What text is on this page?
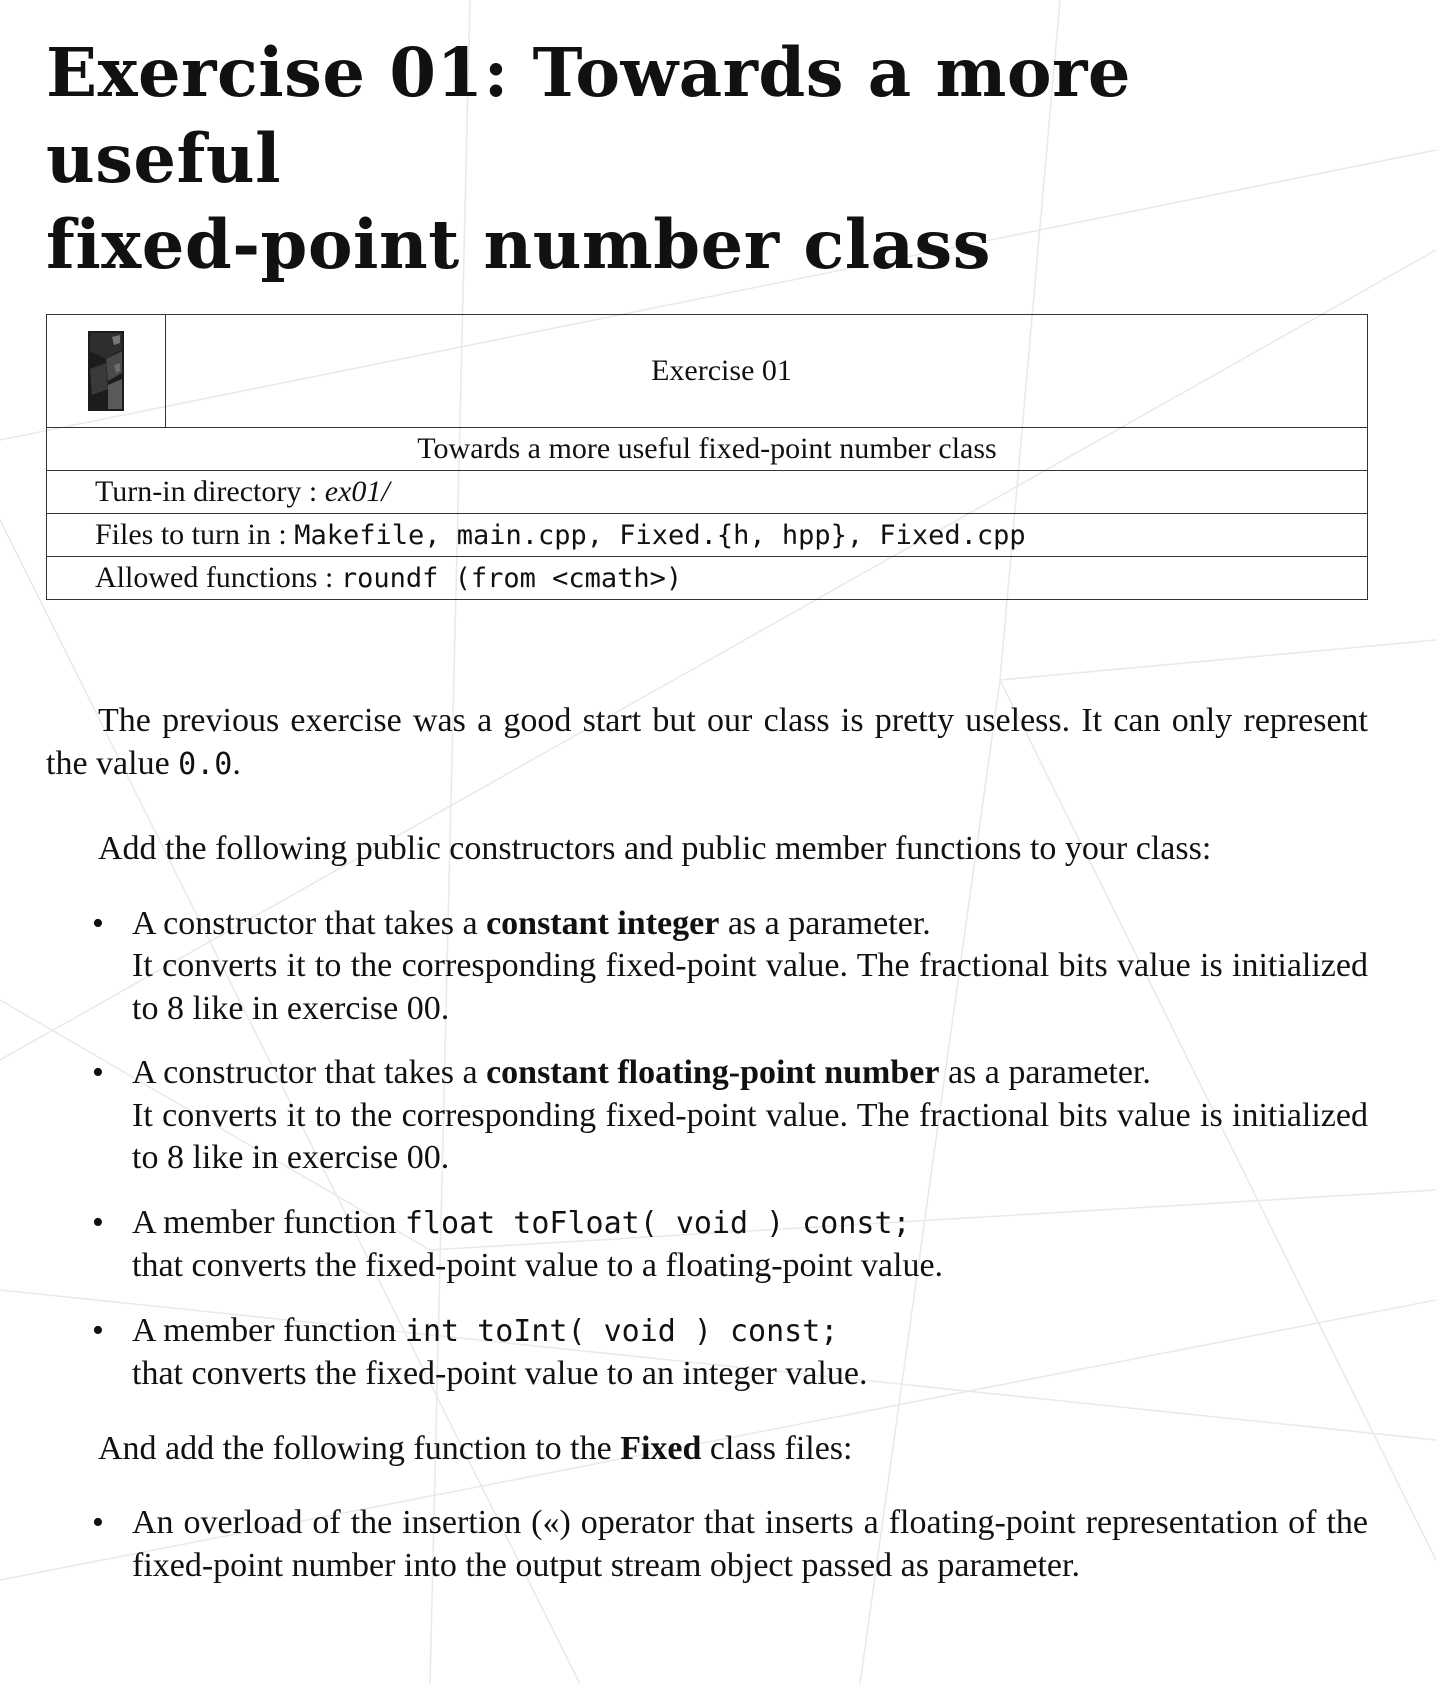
Exercise 01: Towards a more useful
fixed-point number class
	Exercise 01
Towards a more useful fixed-point number class
Turn-in directory : ex01/
Files to turn in : Makefile, main.cpp, Fixed.{h, hpp}, Fixed.cpp
Allowed functions : roundf (from <cmath>)

The previous exercise was a good start but our class is pretty useless. It can only represent the value 0.0.

Add the following public constructors and public member functions to your class:

• A constructor that takes a constant integer as a parameter.
It converts it to the corresponding fixed-point value. The fractional bits value is initialized to 8 like in exercise 00.
• A constructor that takes a constant floating-point number as a parameter.
It converts it to the corresponding fixed-point value. The fractional bits value is initialized to 8 like in exercise 00.
• A member function float toFloat( void ) const;
that converts the fixed-point value to a floating-point value.
• A member function int toInt( void ) const;
that converts the fixed-point value to an integer value.

And add the following function to the Fixed class files:

• An overload of the insertion («) operator that inserts a floating-point representation of the fixed-point number into the output stream object passed as parameter.
